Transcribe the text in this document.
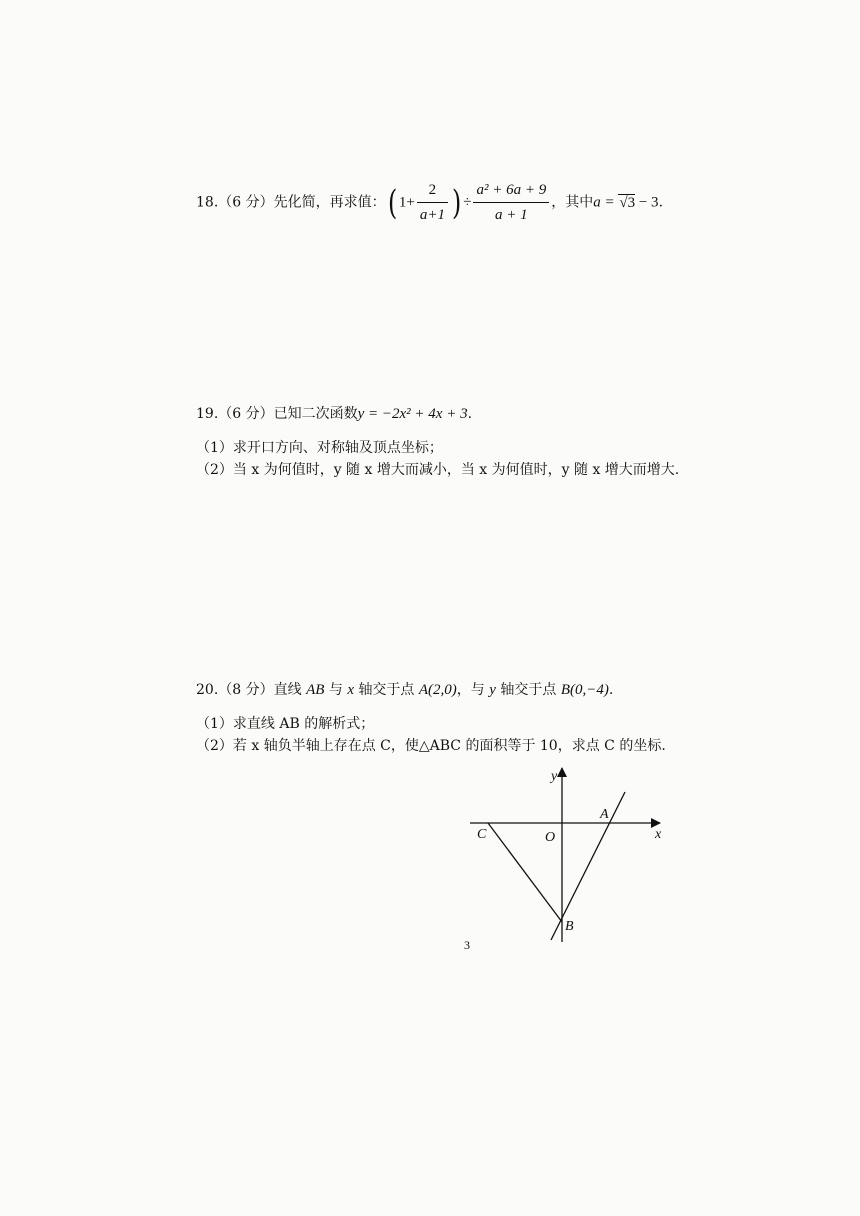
18.（6 分）先化简，再求值：( $1+ \frac{2}{a+1}$ ) ÷ $\frac{\text{a² + 6a + 9}}{a + 1}$ ，其中a = √3 − 3.
19.（6 分）已知二次函数y = −2x² + 4x + 3.
（1）求开口方向、对称轴及顶点坐标；
（2）当 x 为何值时，y 随 x 增大而减小，当 x 为何值时，y 随 x 增大而增大.
20.（8 分）直线 AB 与 x 轴交于点 A(2,0)，与 y 轴交于点 B(0,−4).
（1）求直线 AB 的解析式；
（2）若 x 轴负半轴上存在点 C，使△ABC 的面积等于 10，求点 C 的坐标.
y
x
O
A
B
C
3
